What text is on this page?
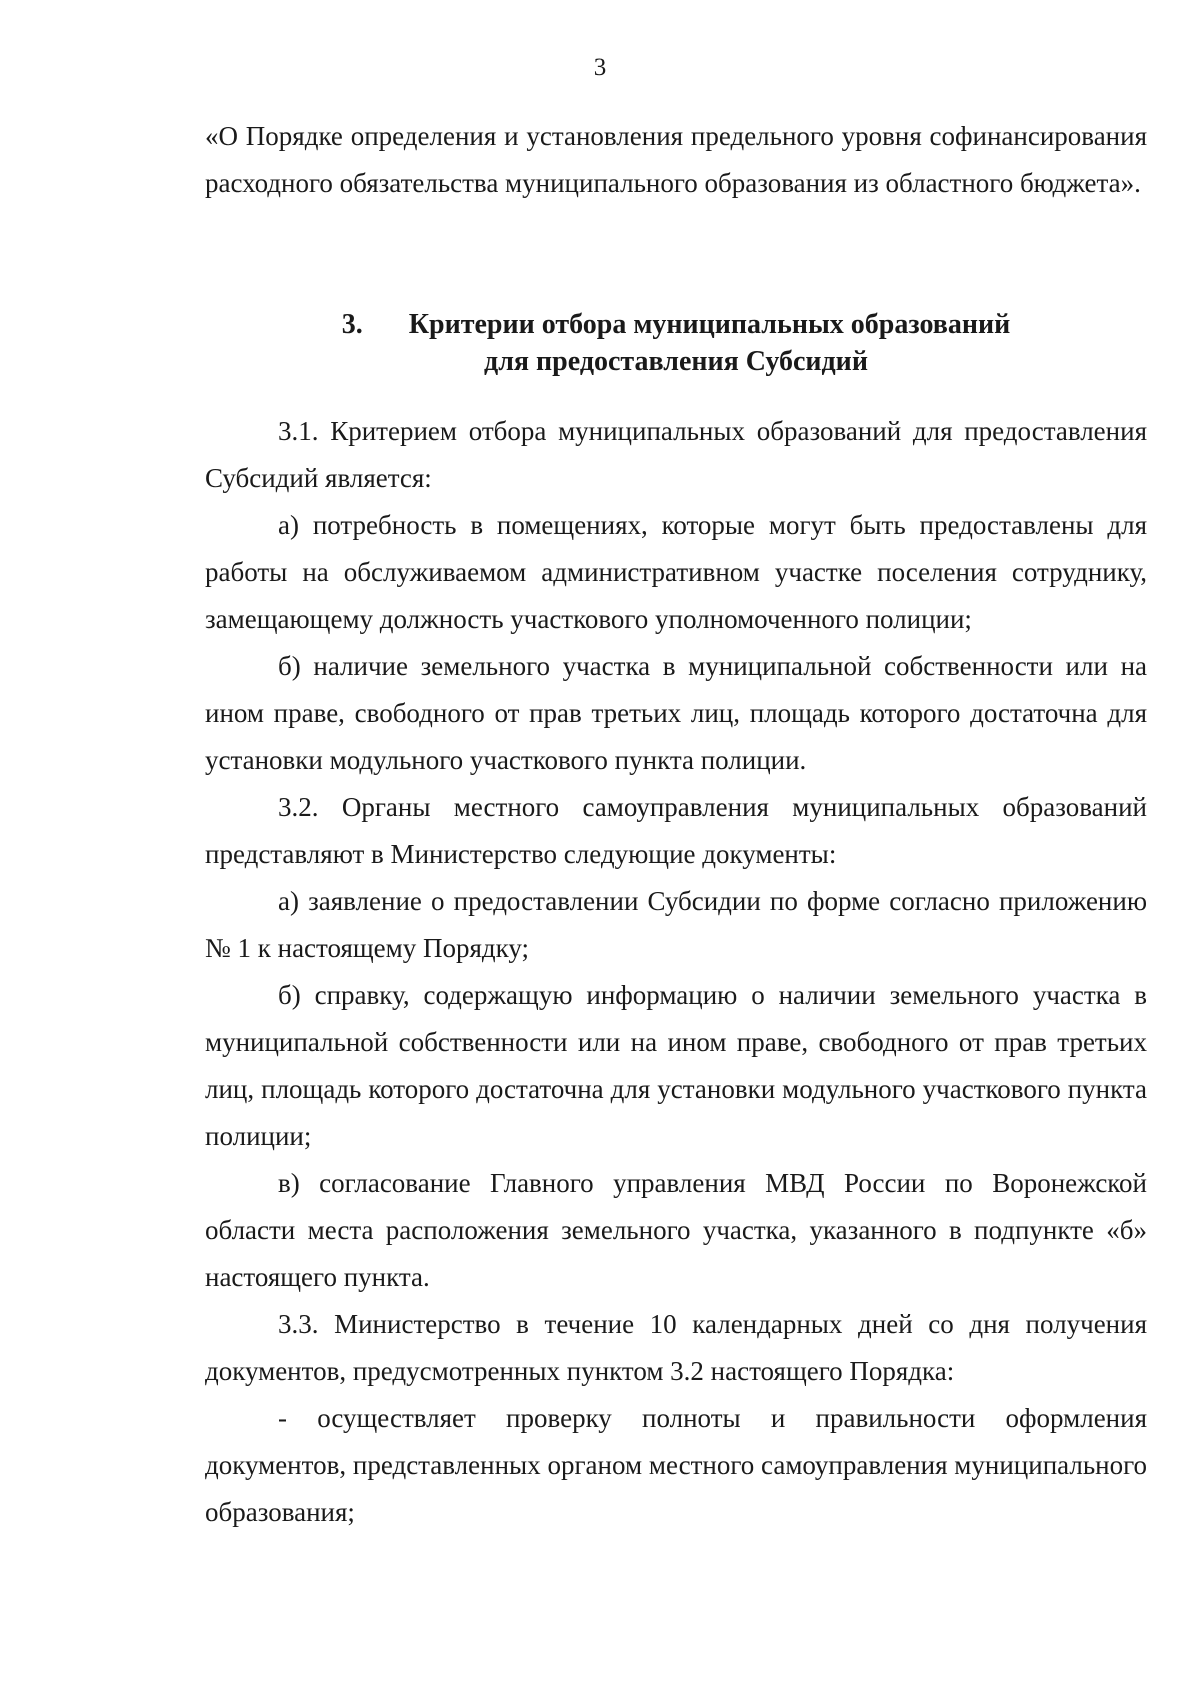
3

«О Порядке определения и установления предельного уровня софинансирования расходного обязательства муниципального образования из областного бюджета».

3. Критерии отбора муниципальных образований
для предоставления Субсидий

3.1. Критерием отбора муниципальных образований для предоставления Субсидий является:

а) потребность в помещениях, которые могут быть предоставлены для работы на обслуживаемом административном участке поселения сотруднику, замещающему должность участкового уполномоченного полиции;

б) наличие земельного участка в муниципальной собственности или на ином праве, свободного от прав третьих лиц, площадь которого достаточна для установки модульного участкового пункта полиции.

3.2. Органы местного самоуправления муниципальных образований представляют в Министерство следующие документы:

а) заявление о предоставлении Субсидии по форме согласно приложению № 1 к настоящему Порядку;

б) справку, содержащую информацию о наличии земельного участка в муниципальной собственности или на ином праве, свободного от прав третьих лиц, площадь которого достаточна для установки модульного участкового пункта полиции;

в) согласование Главного управления МВД России по Воронежской области места расположения земельного участка, указанного в подпункте «б» настоящего пункта.

3.3. Министерство в течение 10 календарных дней со дня получения документов, предусмотренных пунктом 3.2 настоящего Порядка:

- осуществляет проверку полноты и правильности оформления документов, представленных органом местного самоуправления муниципального образования;
